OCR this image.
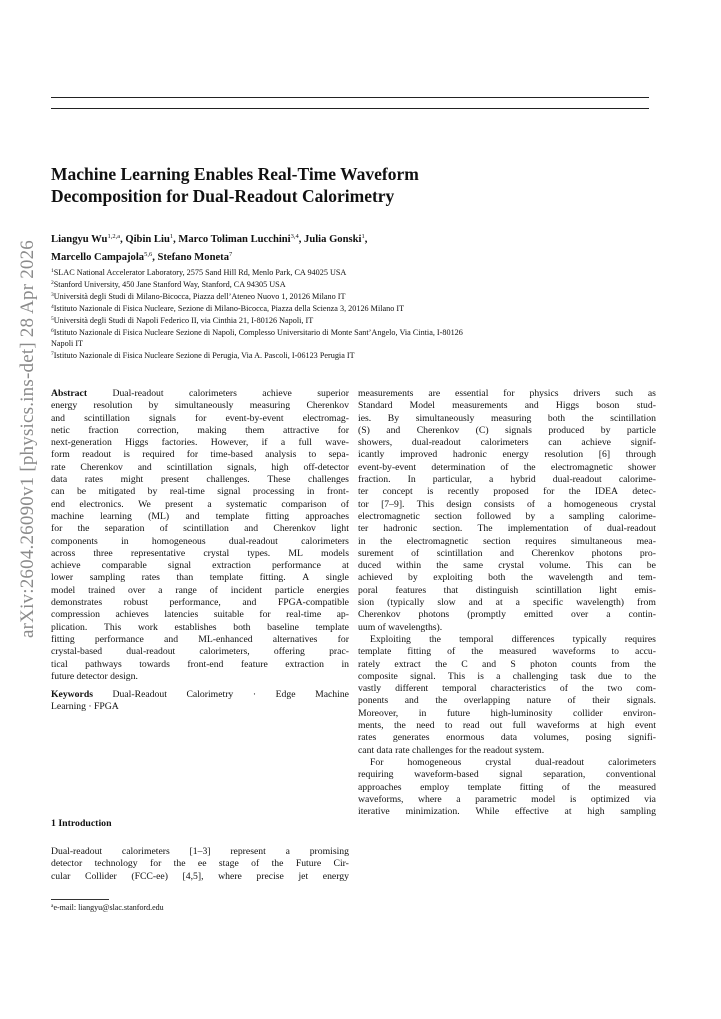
arXiv:2604.26090v1 [physics.ins-det] 28 Apr 2026
Machine Learning Enables Real-Time Waveform
Decomposition for Dual-Readout Calorimetry
Liangyu Wu$^{1,2,a}$, Qibin Liu$^1$, Marco Toliman Lucchini$^{3,4}$, Julia Gonski$^1$,
Marcello Campajola$^{5,6}$, Stefano Moneta$^7$
$^1$SLAC National Accelerator Laboratory, 2575 Sand Hill Rd, Menlo Park, CA 94025 USA
$^2$Stanford University, 450 Jane Stanford Way, Stanford, CA 94305 USA
$^3$Università degli Studi di Milano-Bicocca, Piazza dell’Ateneo Nuovo 1, 20126 Milano IT
$^4$Istituto Nazionale di Fisica Nucleare, Sezione di Milano-Bicocca, Piazza della Scienza 3, 20126 Milano IT
$^5$Università degli Studi di Napoli Federico II, via Cinthia 21, I-80126 Napoli, IT
$^6$Istituto Nazionale di Fisica Nucleare Sezione di Napoli, Complesso Universitario di Monte Sant’Angelo, Via Cintia, I-80126
Napoli IT
$^7$Istituto Nazionale di Fisica Nucleare Sezione di Perugia, Via A. Pascoli, I-06123 Perugia IT
Abstract	Dual-readout	calorimeters	achieve	superior
energy resolution by simultaneously measuring Cherenkov
and scintillation signals for event-by-event electromag-
netic fraction correction, making them attractive for
next-generation Higgs factories. However, if a full wave-
form readout is required for time-based analysis to sepa-
rate Cherenkov and scintillation signals, high off-detector
data rates might present challenges. These challenges
can be mitigated by real-time signal processing in front-
end electronics. We present a systematic comparison of
machine learning (ML) and template fitting approaches
for the separation of scintillation and Cherenkov light
components in homogeneous dual-readout calorimeters
across three representative crystal types. ML models
achieve comparable signal extraction performance at
lower sampling rates than template fitting. A single
model trained over a range of incident particle energies
demonstrates robust performance, and FPGA-compatible
compression achieves latencies suitable for real-time ap-
plication. This work establishes both baseline template
fitting performance and ML-enhanced alternatives for
crystal-based dual-readout calorimeters, offering prac-
tical pathways towards front-end feature extraction in
future detector design.
Keywords Dual-Readout Calorimetry · Edge Machine
Learning · FPGA
measurements are essential for physics drivers such as
Standard Model measurements and Higgs boson stud-
ies. By simultaneously measuring both the scintillation
(S) and Cherenkov (C) signals produced by particle
showers, dual-readout calorimeters can achieve signif-
icantly improved hadronic energy resolution [6] through
event-by-event determination of the electromagnetic shower
fraction. In particular, a hybrid dual-readout calorime-
ter concept is recently proposed for the IDEA detec-
tor [7–9]. This design consists of a homogeneous crystal
electromagnetic section followed by a sampling calorime-
ter hadronic section. The implementation of dual-readout
in the electromagnetic section requires simultaneous mea-
surement of scintillation and Cherenkov photons pro-
duced within the same crystal volume. This can be
achieved by exploiting both the wavelength and tem-
poral features that distinguish scintillation light emis-
sion (typically slow and at a specific wavelength) from
Cherenkov photons (promptly emitted over a contin-
uum of wavelengths).
Exploiting the temporal differences typically requires
template fitting of the measured waveforms to accu-
rately extract the C and S photon counts from the
composite signal. This is a challenging task due to the
vastly different temporal characteristics of the two com-
ponents and the overlapping nature of their signals.
Moreover, in future high-luminosity collider environ-
ments, the need to read out full waveforms at high event
rates generates enormous data volumes, posing signifi-
cant data rate challenges for the readout system.
For homogeneous crystal dual-readout calorimeters
requiring waveform-based signal separation, conventional
approaches employ template fitting of the measured
waveforms, where a parametric model is optimized via
iterative minimization. While effective at high sampling
1 Introduction
Dual-readout calorimeters [1–3] represent a promising
detector technology for the ee stage of the Future Cir-
cular Collider (FCC-ee) [4,5], where precise jet energy
$^a$e-mail: liangyu@slac.stanford.edu
